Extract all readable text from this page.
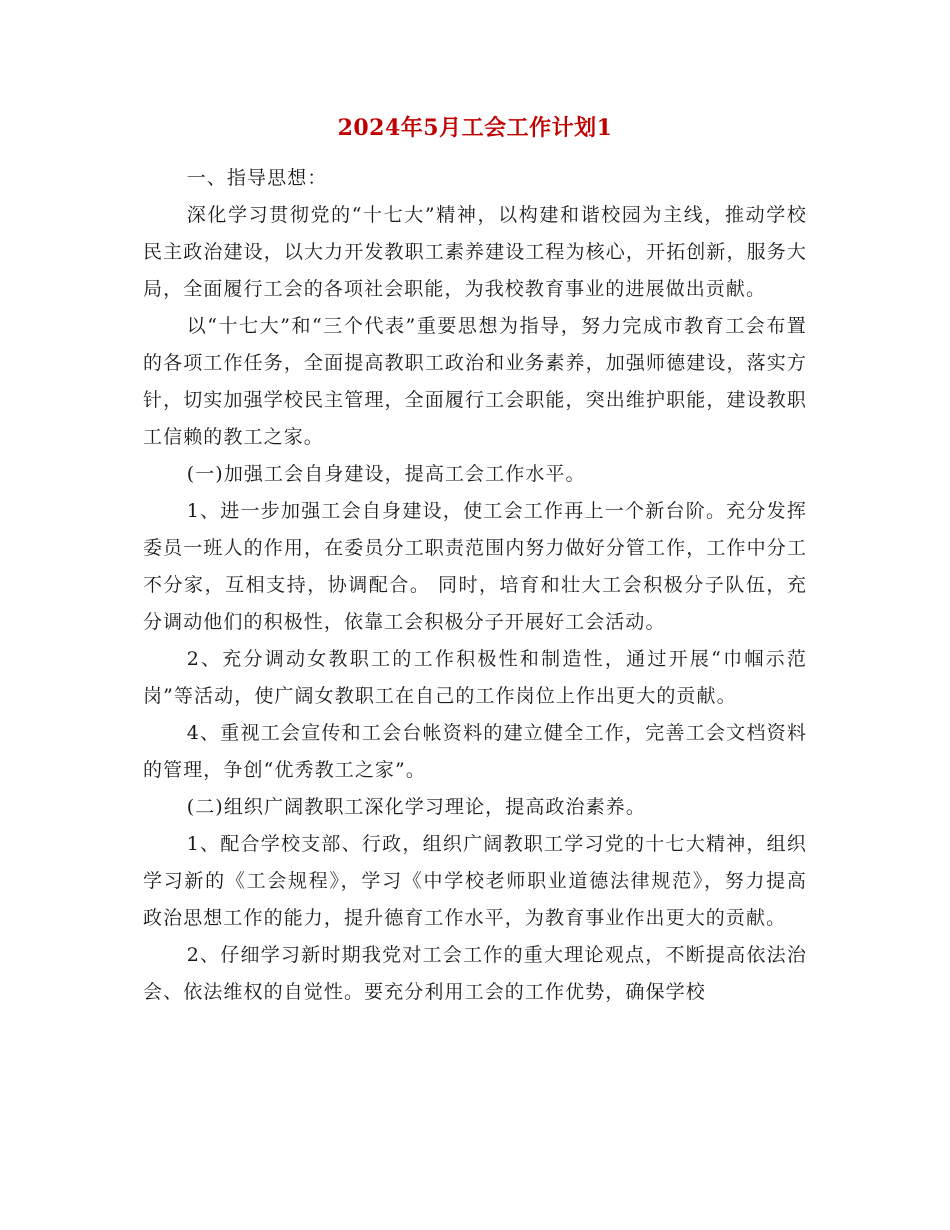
2024年5月工会工作计划1

一、指导思想：

深化学习贯彻党的“十七大”精神，以构建和谐校园为主线，推动学校民主政治建设，以大力开发教职工素养建设工程为核心，开拓创新，服务大局，全面履行工会的各项社会职能，为我校教育事业的进展做出贡献。

以“十七大”和“三个代表”重要思想为指导，努力完成市教育工会布置的各项工作任务，全面提高教职工政治和业务素养，加强师德建设，落实方针，切实加强学校民主管理，全面履行工会职能，突出维护职能，建设教职工信赖的教工之家。

(一)加强工会自身建设，提高工会工作水平。

1、进一步加强工会自身建设，使工会工作再上一个新台阶。充分发挥委员一班人的作用，在委员分工职责范围内努力做好分管工作，工作中分工不分家，互相支持，协调配合。 同时，培育和壮大工会积极分子队伍，充分调动他们的积极性，依靠工会积极分子开展好工会活动。

2、充分调动女教职工的工作积极性和制造性，通过开展“巾帼示范岗”等活动，使广阔女教职工在自己的工作岗位上作出更大的贡献。

4、重视工会宣传和工会台帐资料的建立健全工作，完善工会文档资料的管理，争创“优秀教工之家”。

(二)组织广阔教职工深化学习理论，提高政治素养。

1、配合学校支部、行政，组织广阔教职工学习党的十七大精神，组织学习新的《工会规程》，学习《中学校老师职业道德法律规范》，努力提高政治思想工作的能力，提升德育工作水平，为教育事业作出更大的贡献。

2、仔细学习新时期我党对工会工作的重大理论观点，不断提高依法治会、依法维权的自觉性。要充分利用工会的工作优势，确保学校
